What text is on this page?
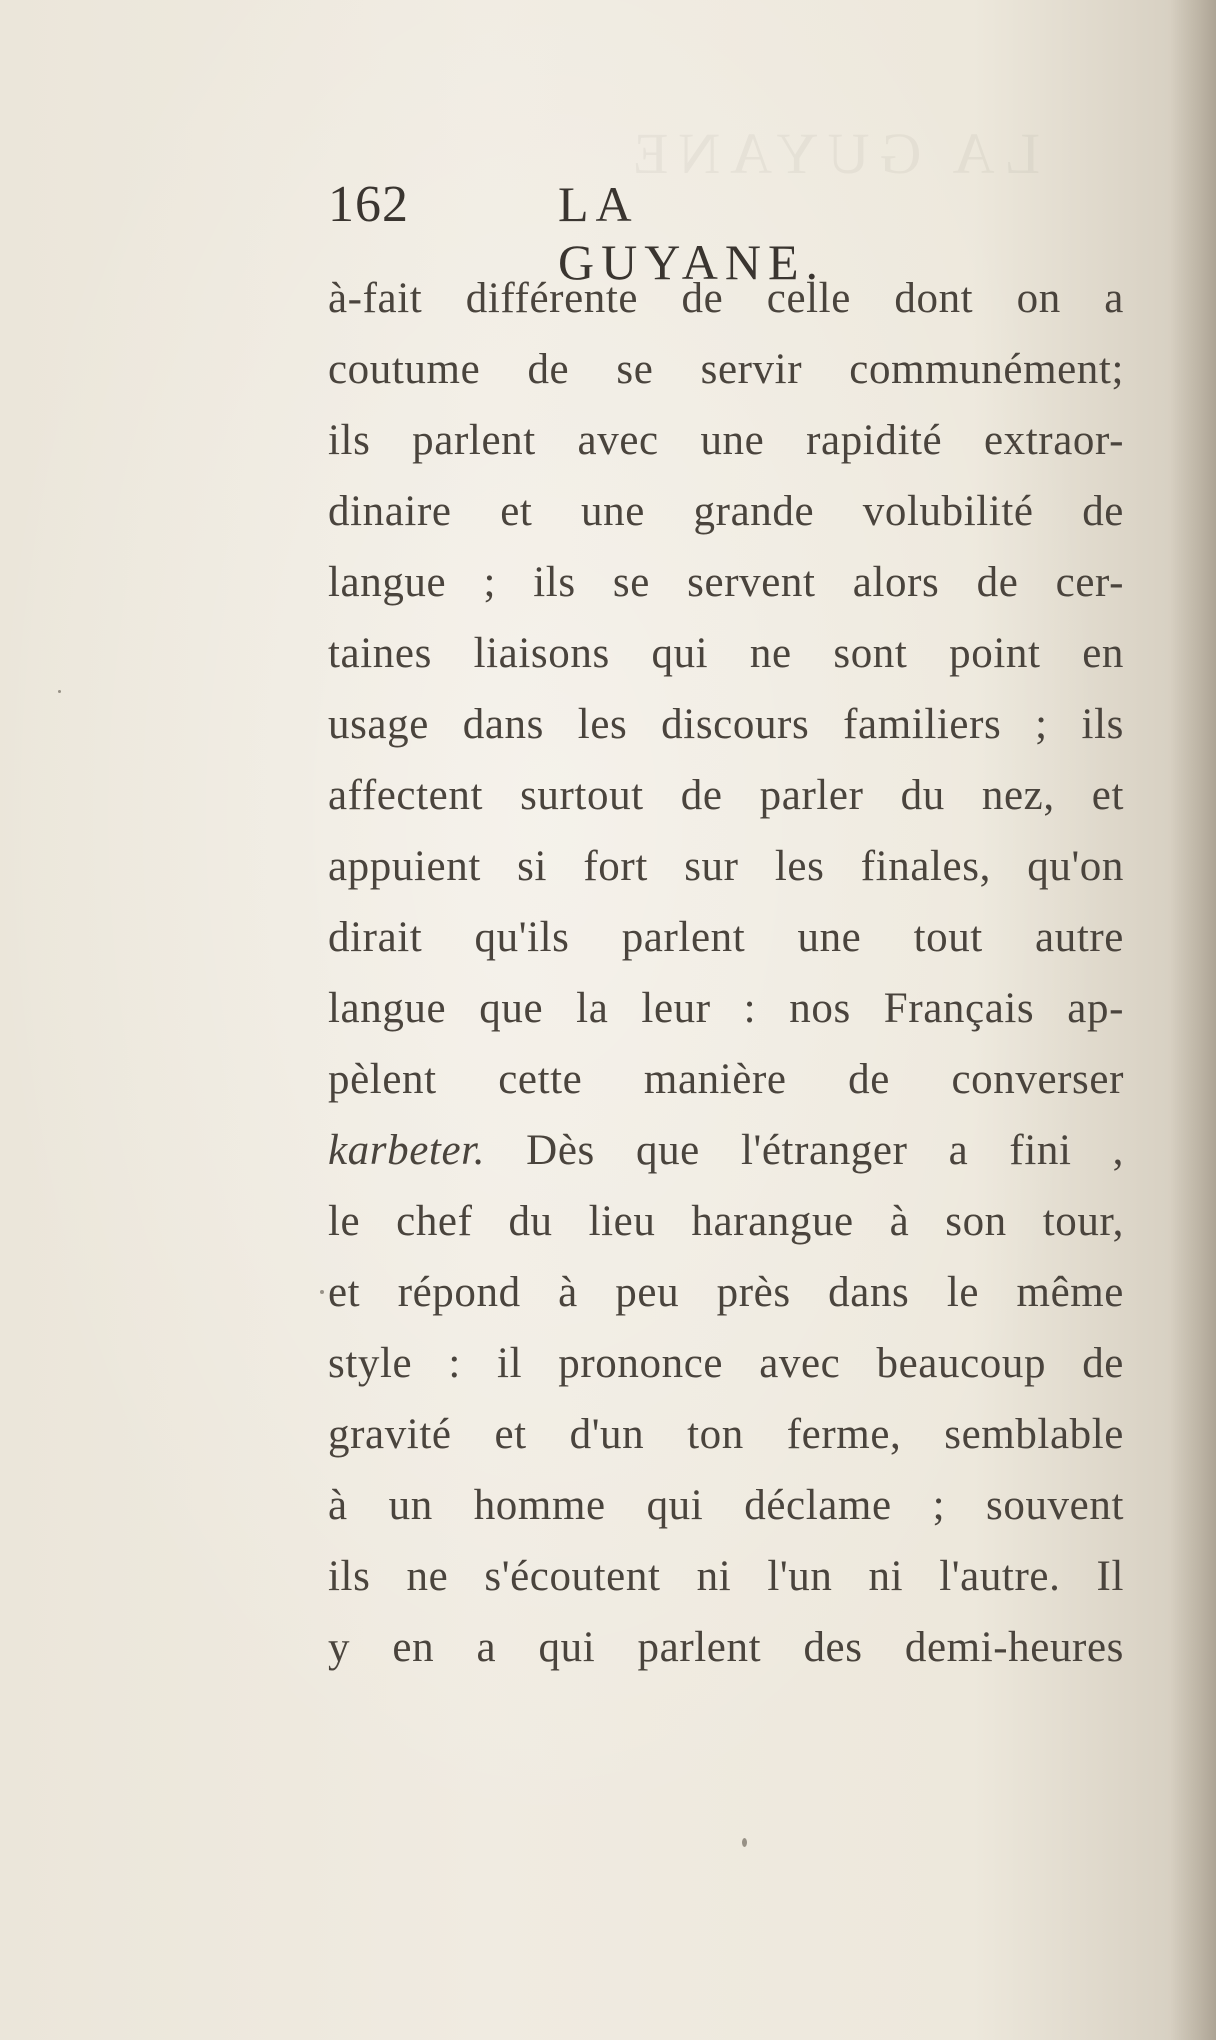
LA GUYANE
162	LA GUYANE.
à-fait différente de celle dont on a
coutume de se servir communément;
ils parlent avec une rapidité extraor-
dinaire et une grande volubilité de
langue ; ils se servent alors de cer-
taines liaisons qui ne sont point en
usage dans les discours familiers ; ils
affectent surtout de parler du nez, et
appuient si fort sur les finales, qu'on
dirait qu'ils parlent une tout autre
langue que la leur : nos Français ap-
pèlent cette manière de converser
karbeter. Dès que l'étranger a fini ,
le chef du lieu harangue à son tour,
et répond à peu près dans le même
style : il prononce avec beaucoup de
gravité et d'un ton ferme, semblable
à un homme qui déclame ; souvent
ils ne s'écoutent ni l'un ni l'autre. Il
y en a qui parlent des demi-heures
